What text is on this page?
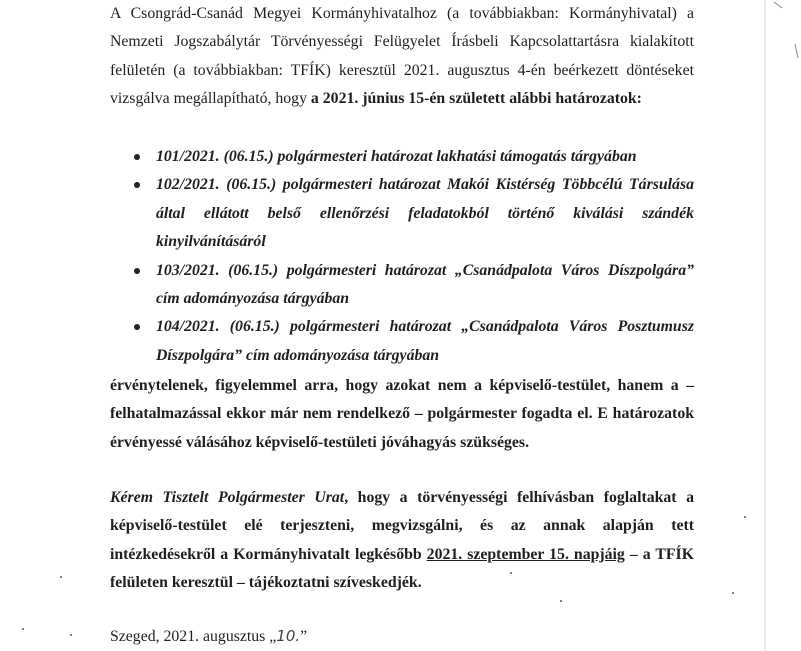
A Csongrád-Csanád Megyei Kormányhivatalhoz (a továbbiakban: Kormányhivatal) a Nemzeti Jogszabálytár Törvényességi Felügyelet Írásbeli Kapcsolattartásra kialakított felületén (a továbbiakban: TFÍK) keresztül 2021. augusztus 4-én beérkezett döntéseket vizsgálva megállapítható, hogy a 2021. június 15-én született alábbi határozatok:

101/2021. (06.15.) polgármesteri határozat lakhatási támogatás tárgyában
102/2021. (06.15.) polgármesteri határozat Makói Kistérség Többcélú Társulása által ellátott belső ellenőrzési feladatokból történő kiválási szándék kinyilvánításáról
103/2021. (06.15.) polgármesteri határozat „Csanádpalota Város Díszpolgára” cím adományozása tárgyában
104/2021. (06.15.) polgármesteri határozat „Csanádpalota Város Posztumusz Díszpolgára” cím adományozása tárgyában

érvénytelenek, figyelemmel arra, hogy azokat nem a képviselő-testület, hanem a – felhatalmazással ekkor már nem rendelkező – polgármester fogadta el. E határozatok érvényessé válásához képviselő-testületi jóváhagyás szükséges.

Kérem Tisztelt Polgármester Urat, hogy a törvényességi felhívásban foglaltakat a képviselő-testület elé terjeszteni, megvizsgálni, és az annak alapján tett intézkedésekről a Kormányhivatalt legkésőbb 2021. szeptember 15. napjáig – a TFÍK felületen keresztül – tájékoztatni szíveskedjék.

Szeged, 2021. augusztus „10.”
